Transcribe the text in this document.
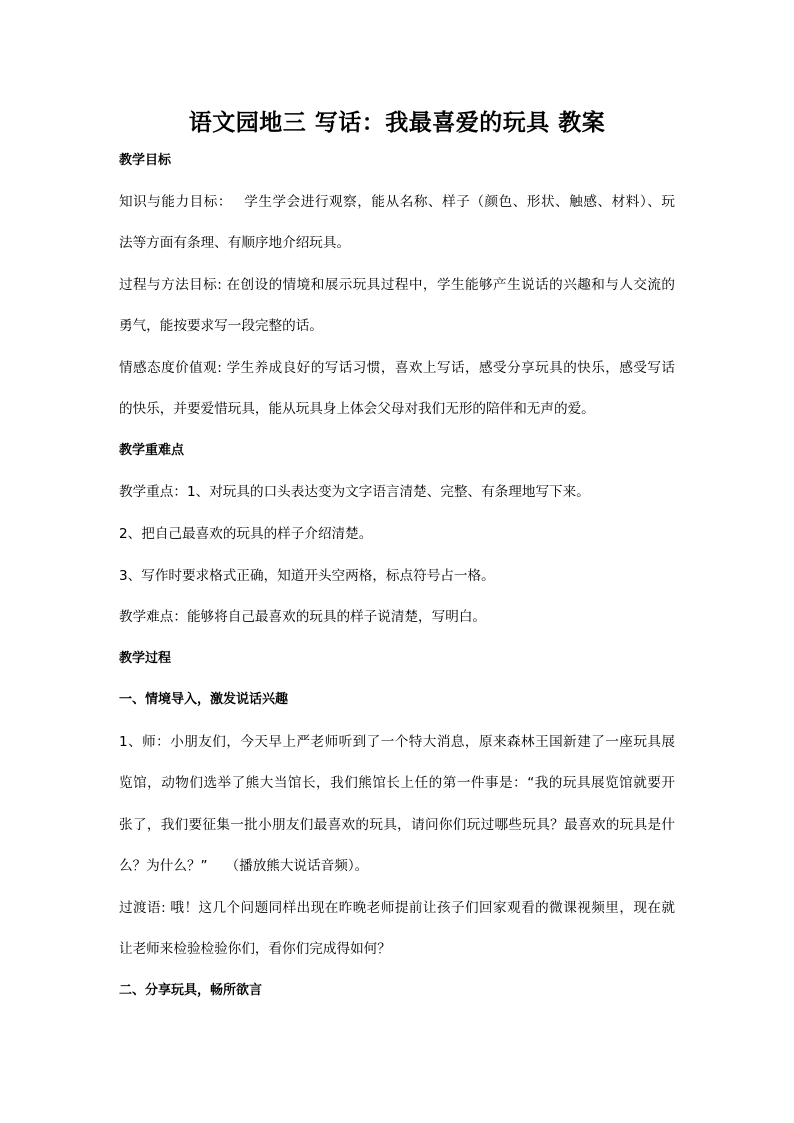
语文园地三 写话：我最喜爱的玩具 教案
教学目标
知识与能力目标：　 学生学会进行观察，能从名称、样子（颜色、形状、触感、材料）、玩
法等方面有条理、有顺序地介绍玩具。
过程与方法目标: 在创设的情境和展示玩具过程中，学生能够产生说话的兴趣和与人交流的
勇气，能按要求写一段完整的话。
情感态度价值观: 学生养成良好的写话习惯，喜欢上写话，感受分享玩具的快乐，感受写话
的快乐，并要爱惜玩具，能从玩具身上体会父母对我们无形的陪伴和无声的爱。
教学重难点
教学重点：1、对玩具的口头表达变为文字语言清楚、完整、有条理地写下来。
2、把自己最喜欢的玩具的样子介绍清楚。
3、写作时要求格式正确，知道开头空两格，标点符号占一格。
教学难点：能够将自己最喜欢的玩具的样子说清楚，写明白。
教学过程
一、情境导入，激发说话兴趣
1、师：小朋友们，今天早上严老师听到了一个特大消息，原来森林王国新建了一座玩具展
览馆，动物们选举了熊大当馆长，我们熊馆长上任的第一件事是：“我的玩具展览馆就要开
张了，我们要征集一批小朋友们最喜欢的玩具，请问你们玩过哪些玩具？最喜欢的玩具是什
么？为什么？”　 （播放熊大说话音频）。
过渡语: 哦！这几个问题同样出现在昨晚老师提前让孩子们回家观看的微课视频里，现在就
让老师来检验检验你们，看你们完成得如何？
二、分享玩具，畅所欲言
